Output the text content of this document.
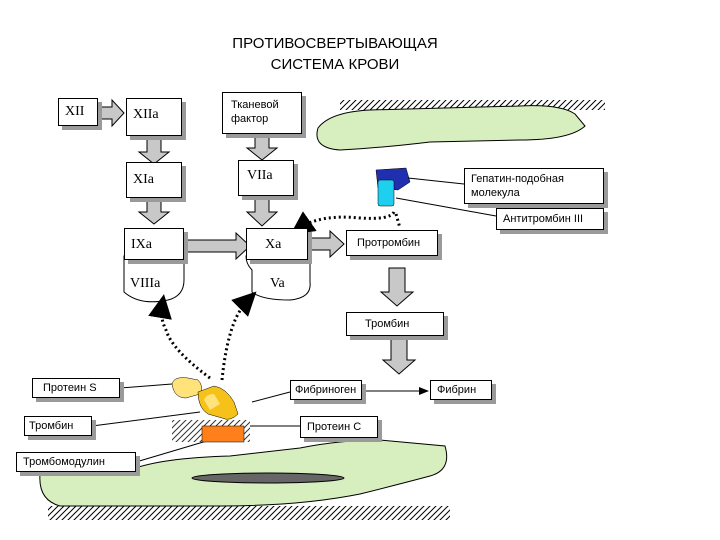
ПРОТИВОСВЕРТЫВАЮЩАЯ
СИСТЕМА КРОВИ
XII	XIIa
Тканевой
фактор
XIa	VIIa
IXa
VIIIa
Xa
Va
Гепатин-подобная
молекула
Антитромбин III
Протромбин
Тромбин
Протеин S	Фибриноген	Фибрин
Тромбин	Протеин С
Тромбомодулин
